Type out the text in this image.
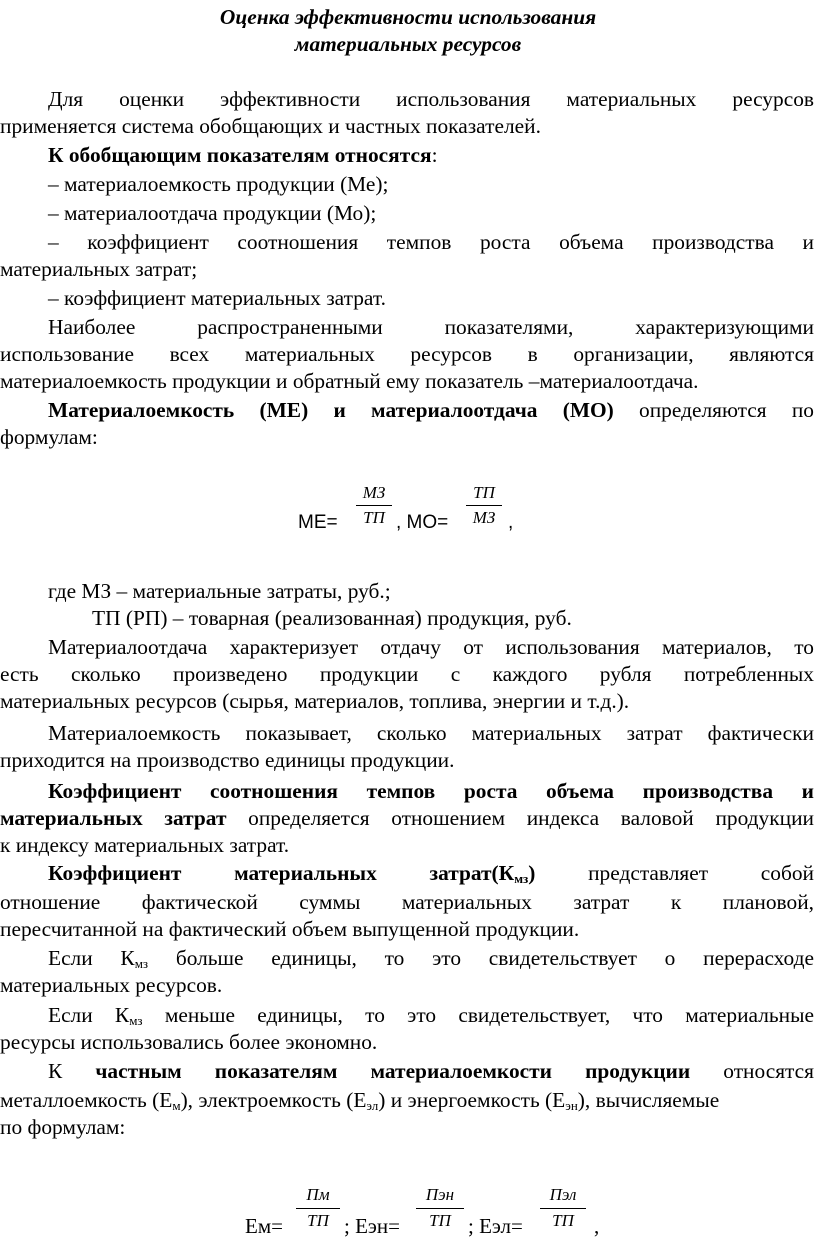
Оценка эффективности использования
материальных ресурсов
Для оценки эффективности использования материальных ресурсов
применяется система обобщающих и частных показателей.
К обобщающим показателям относятся:
– материалоемкость продукции (Ме);
– материалоотдача продукции (Мо);
– коэффициент соотношения темпов роста объема производства и
материальных затрат;
– коэффициент материальных затрат.
Наиболее распространенными показателями, характеризующими
использование всех материальных ресурсов в организации, являются
материалоемкость продукции и обратный ему показатель –материалоотдача.
Материалоемкость (МЕ) и материалоотдача (МО) определяются по
формулам:
МЕ=
МЗ
ТП , МО=
ТП
МЗ ,
где МЗ – материальные затраты, руб.;
ТП (РП) – товарная (реализованная) продукция, руб.
Материалоотдача характеризует отдачу от использования материалов, то
есть сколько произведено продукции с каждого рубля потребленных
материальных ресурсов (сырья, материалов, топлива, энергии и т.д.).
Материалоемкость показывает, сколько материальных затрат фактически
приходится на производство единицы продукции.
Коэффициент соотношения темпов роста объема производства и
материальных затрат определяется отношением индекса валовой продукции
к индексу материальных затрат.
Коэффициент материальных $затрат(К_{мз})$ представляет собой
отношение фактической суммы материальных затрат к плановой,
пересчитанной на фактический объем выпущенной продукции.
Если $К_{мз}$ больше единицы, то это свидетельствует о перерасходе
материальных ресурсов.
Если $К_{мз}$ меньше единицы, то это свидетельствует, что материальные
ресурсы использовались более экономно.
К частным показателям материалоемкости продукции относятся
металлоемкость $(Е_м)$, электроемкость $(Е_{эл})$ и энергоемкость $(Е_{эн})$, вычисляемые
по формулам:
Ем=
Пм
ТП ; Еэн=
Пэн
ТП ; Еэл=
Пэл
ТП ,
